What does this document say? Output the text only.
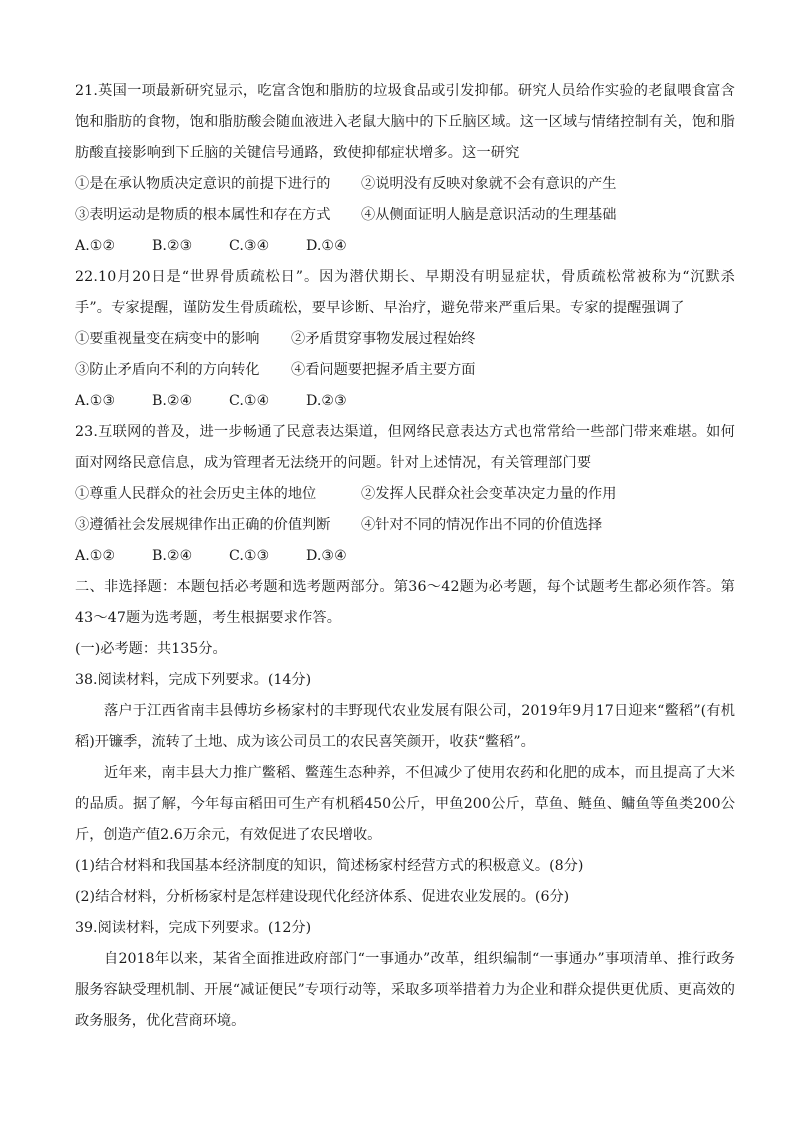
21.英国一项最新研究显示，吃富含饱和脂肪的垃圾食品或引发抑郁。研究人员给作实验的老鼠喂食富含饱和脂肪的食物，饱和脂肪酸会随血液进入老鼠大脑中的下丘脑区域。这一区域与情绪控制有关，饱和脂肪酸直接影响到下丘脑的关键信号通路，致使抑郁症状增多。这一研究

①是在承认物质决定意识的前提下进行的	②说明没有反映对象就不会有意识的产生
③表明运动是物质的根本属性和存在方式	④从侧面证明人脑是意识活动的生理基础
A.①②	B.②③	C.③④	D.①④

22.10月20日是“世界骨质疏松日”。因为潜伏期长、早期没有明显症状，骨质疏松常被称为“沉默杀手”。专家提醒，谨防发生骨质疏松，要早诊断、早治疗，避免带来严重后果。专家的提醒强调了

①要重视量变在病变中的影响	②矛盾贯穿事物发展过程始终
③防止矛盾向不利的方向转化	④看问题要把握矛盾主要方面
A.①③	B.②④	C.①④	D.②③

23.互联网的普及，进一步畅通了民意表达渠道，但网络民意表达方式也常常给一些部门带来难堪。如何面对网络民意信息，成为管理者无法绕开的问题。针对上述情况，有关管理部门要

①尊重人民群众的社会历史主体的地位	②发挥人民群众社会变革决定力量的作用
③遵循社会发展规律作出正确的价值判断	④针对不同的情况作出不同的价值选择
A.①②	B.②④	C.①③	D.③④

二、非选择题：本题包括必考题和选考题两部分。第36～42题为必考题，每个试题考生都必须作答。第43～47题为选考题，考生根据要求作答。

(一)必考题：共135分。

38.阅读材料，完成下列要求。(14分)

落户于江西省南丰县傅坊乡杨家村的丰野现代农业发展有限公司，2019年9月17日迎来“鳖稻”(有机稻)开镰季，流转了土地、成为该公司员工的农民喜笑颜开，收获“鳖稻”。

近年来，南丰县大力推广鳖稻、鳖莲生态种养，不但减少了使用农药和化肥的成本，而且提高了大米的品质。据了解，今年每亩稻田可生产有机稻450公斤，甲鱼200公斤，草鱼、鲢鱼、鳙鱼等鱼类200公斤，创造产值2.6万余元，有效促进了农民增收。

(1)结合材料和我国基本经济制度的知识，简述杨家村经营方式的积极意义。(8分)

(2)结合材料，分析杨家村是怎样建设现代化经济体系、促进农业发展的。(6分)

39.阅读材料，完成下列要求。(12分)

自2018年以来，某省全面推进政府部门“一事通办”改革，组织编制“一事通办”事项清单、推行政务服务容缺受理机制、开展“减证便民”专项行动等，采取多项举措着力为企业和群众提供更优质、更高效的政务服务，优化营商环境。
